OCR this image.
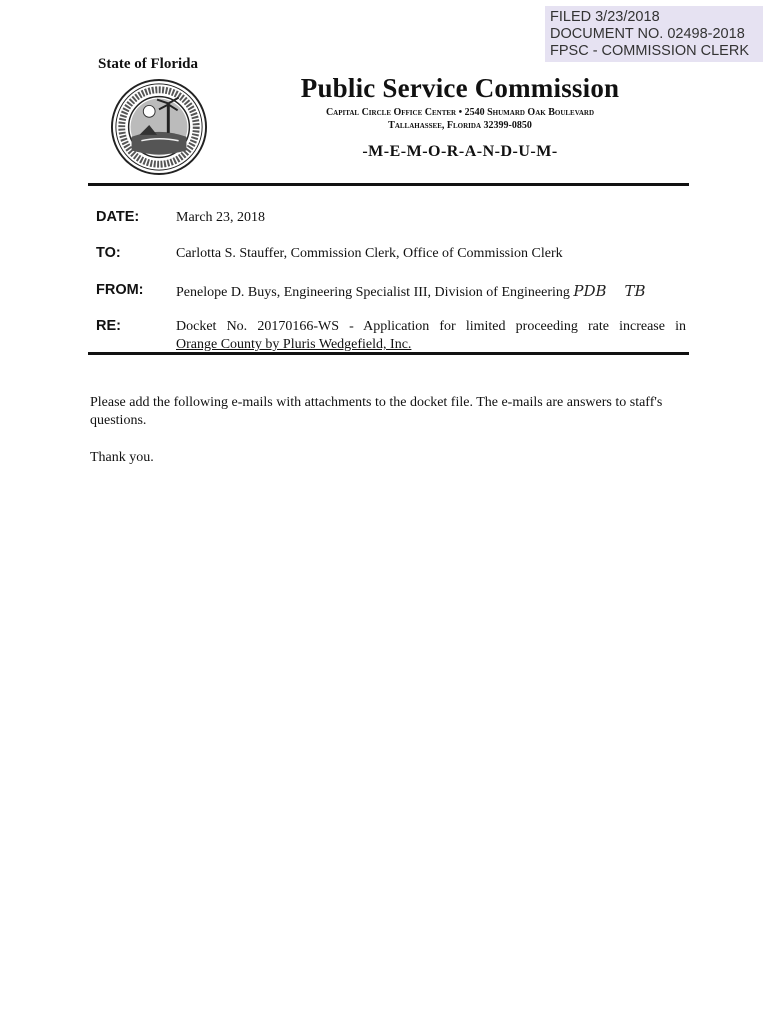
FILED 3/23/2018
DOCUMENT NO. 02498-2018
FPSC - COMMISSION CLERK
State of Florida
Public Service Commission
Capital Circle Office Center • 2540 Shumard Oak Boulevard
Tallahassee, Florida 32399-0850
-M-E-M-O-R-A-N-D-U-M-
DATE:	March 23, 2018
TO:	Carlotta S. Stauffer, Commission Clerk, Office of Commission Clerk
FROM:	Penelope D. Buys, Engineering Specialist III, Division of Engineering PDB TB
RE:	Docket No. 20170166-WS - Application for limited proceeding rate increase in
Orange County by Pluris Wedgefield, Inc.
Please add the following e-mails with attachments to the docket file. The e-mails are answers to staff's questions.
Thank you.
